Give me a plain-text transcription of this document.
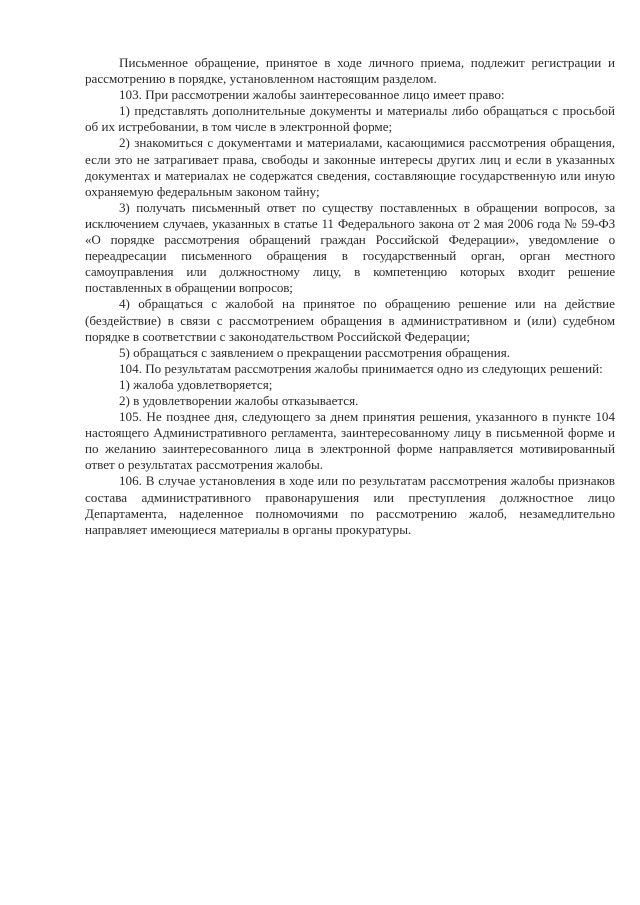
Письменное обращение, принятое в ходе личного приема, подлежит регистрации и рассмотрению в порядке, установленном настоящим разделом.

103. При рассмотрении жалобы заинтересованное лицо имеет право:

1) представлять дополнительные документы и материалы либо обращаться с просьбой об их истребовании, в том числе в электронной форме;

2) знакомиться с документами и материалами, касающимися рассмотрения обращения, если это не затрагивает права, свободы и законные интересы других лиц и если в указанных документах и материалах не содержатся сведения, составляющие государственную или иную охраняемую федеральным законом тайну;

3) получать письменный ответ по существу поставленных в обращении вопросов, за исключением случаев, указанных в статье 11 Федерального закона от 2 мая 2006 года № 59-ФЗ «О порядке рассмотрения обращений граждан Российской Федерации», уведомление о переадресации письменного обращения в государственный орган, орган местного самоуправления или должностному лицу, в компетенцию которых входит решение поставленных в обращении вопросов;

4) обращаться с жалобой на принятое по обращению решение или на действие (бездействие) в связи с рассмотрением обращения в административном и (или) судебном порядке в соответствии с законодательством Российской Федерации;

5) обращаться с заявлением о прекращении рассмотрения обращения.

104. По результатам рассмотрения жалобы принимается одно из следующих решений:

1) жалоба удовлетворяется;

2) в удовлетворении жалобы отказывается.

105. Не позднее дня, следующего за днем принятия решения, указанного в пункте 104 настоящего Административного регламента, заинтересованному лицу в письменной форме и по желанию заинтересованного лица в электронной форме направляется мотивированный ответ о результатах рассмотрения жалобы.

106. В случае установления в ходе или по результатам рассмотрения жалобы признаков состава административного правонарушения или преступления должностное лицо Департамента, наделенное полномочиями по рассмотрению жалоб, незамедлительно направляет имеющиеся материалы в органы прокуратуры.
